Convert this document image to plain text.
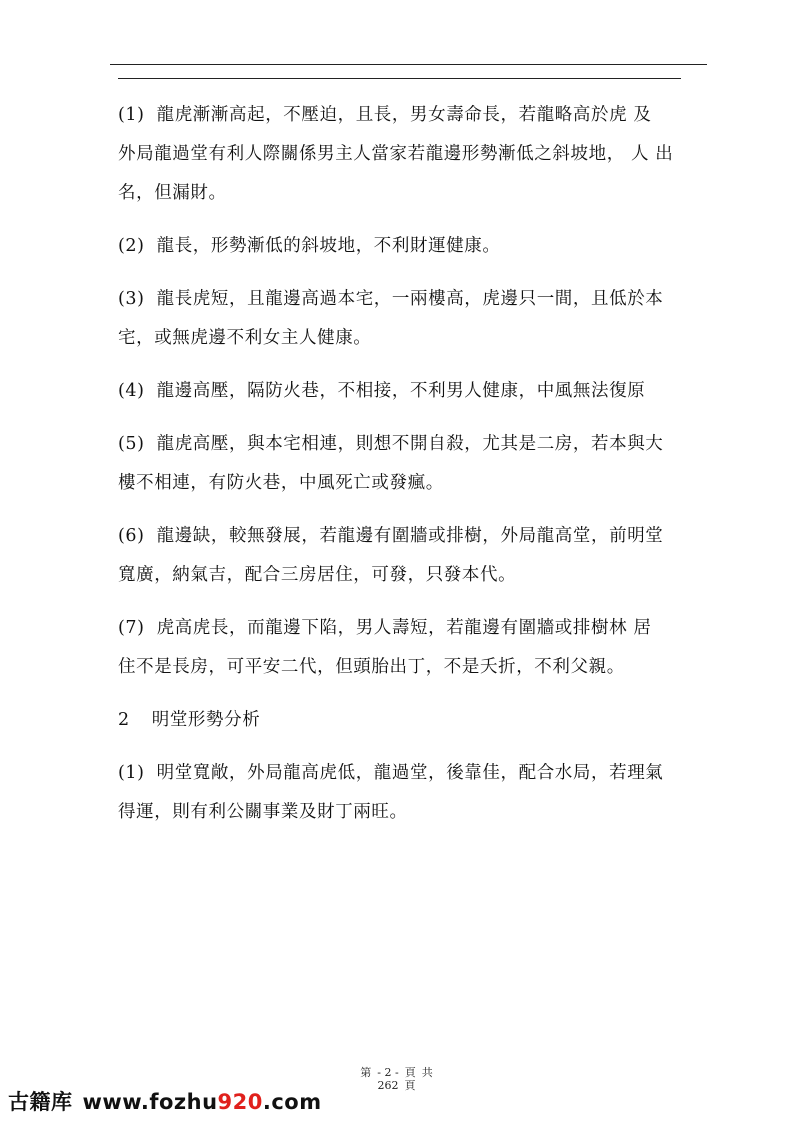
(1) 龍虎漸漸高起，不壓迫，且長，男女壽命長，若龍略高於虎 及
外局龍過堂有利人際關係男主人當家若龍邊形勢漸低之斜坡地， 人 出
名，但漏財。
(2) 龍長，形勢漸低的斜坡地，不利財運健康。
(3) 龍長虎短，且龍邊高過本宅，一兩樓高，虎邊只一間，且低於本
宅，或無虎邊不利女主人健康。
(4) 龍邊高壓，隔防火巷，不相接，不利男人健康，中風無法復原
(5) 龍虎高壓，與本宅相連，則想不開自殺，尤其是二房，若本與大
樓不相連，有防火巷，中風死亡或發瘋。
(6) 龍邊缺，較無發展，若龍邊有圍牆或排樹，外局龍高堂，前明堂
寬廣，納氣吉，配合三房居住，可發，只發本代。
(7) 虎高虎長，而龍邊下陷，男人壽短，若龍邊有圍牆或排樹林 居
住不是長房，可平安二代，但頭胎出丁，不是夭折，不利父親。
2 明堂形勢分析
(1) 明堂寬敞，外局龍高虎低，龍過堂，後靠佳，配合水局，若理氣
得運，則有利公關事業及財丁兩旺。
第 - 2 - 頁 共
262 頁
古籍库 www.fozhu920.com
